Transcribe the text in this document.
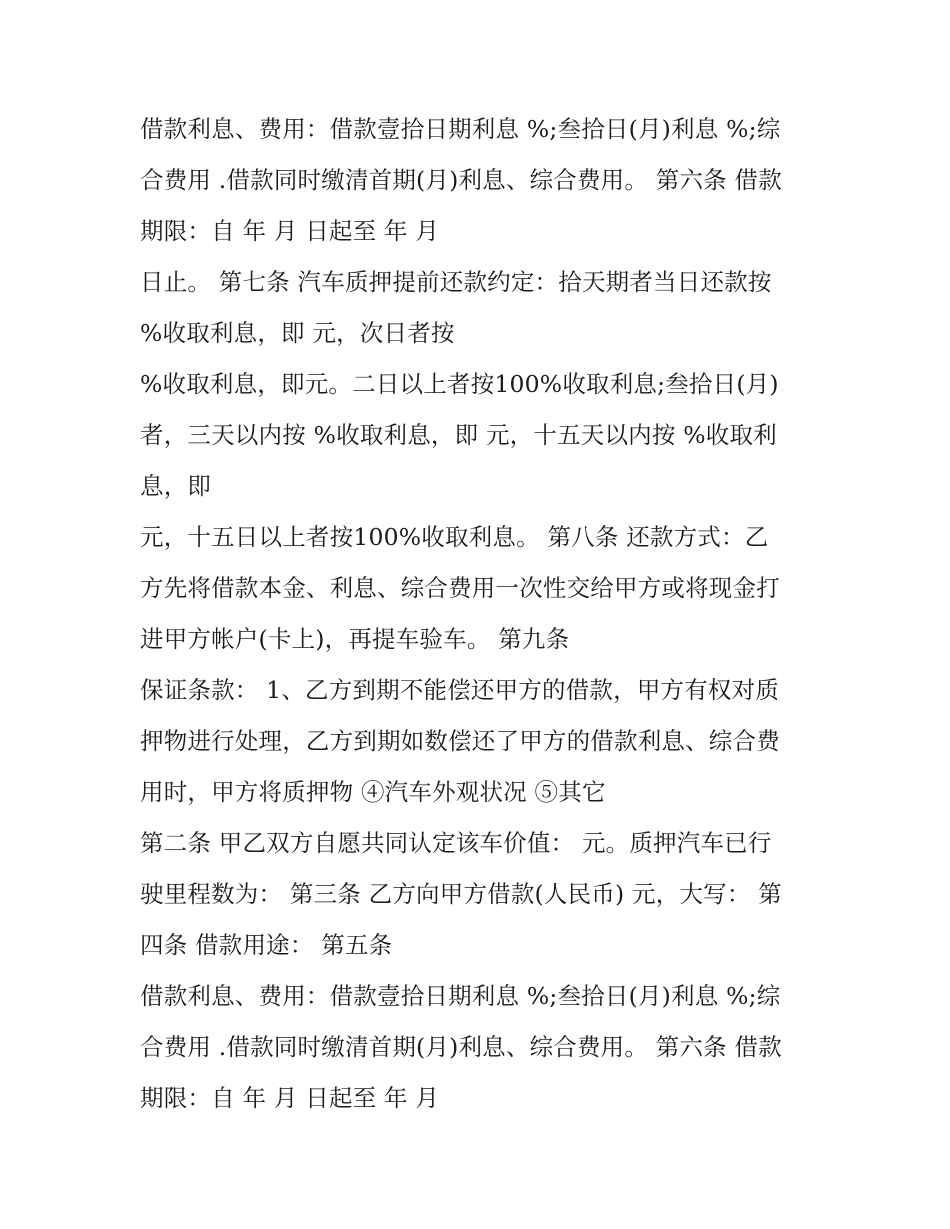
借款利息、费用：借款壹拾日期利息 %;叁拾日(月)利息 %;综
合费用 .借款同时缴清首期(月)利息、综合费用。 第六条 借款
期限：自 年 月 日起至 年 月
日止。 第七条 汽车质押提前还款约定：拾天期者当日还款按
%收取利息，即 元，次日者按
%收取利息，即元。二日以上者按100%收取利息;叁拾日(月)
者，三天以内按 %收取利息，即 元，十五天以内按 %收取利
息，即
元，十五日以上者按100%收取利息。 第八条 还款方式：乙
方先将借款本金、利息、综合费用一次性交给甲方或将现金打
进甲方帐户(卡上)，再提车验车。 第九条
保证条款： 1、乙方到期不能偿还甲方的借款，甲方有权对质
押物进行处理，乙方到期如数偿还了甲方的借款利息、综合费
用时，甲方将质押物 ④汽车外观状况 ⑤其它
第二条 甲乙双方自愿共同认定该车价值： 元。质押汽车已行
驶里程数为： 第三条 乙方向甲方借款(人民币) 元，大写： 第
四条 借款用途： 第五条
借款利息、费用：借款壹拾日期利息 %;叁拾日(月)利息 %;综
合费用 .借款同时缴清首期(月)利息、综合费用。 第六条 借款
期限：自 年 月 日起至 年 月
